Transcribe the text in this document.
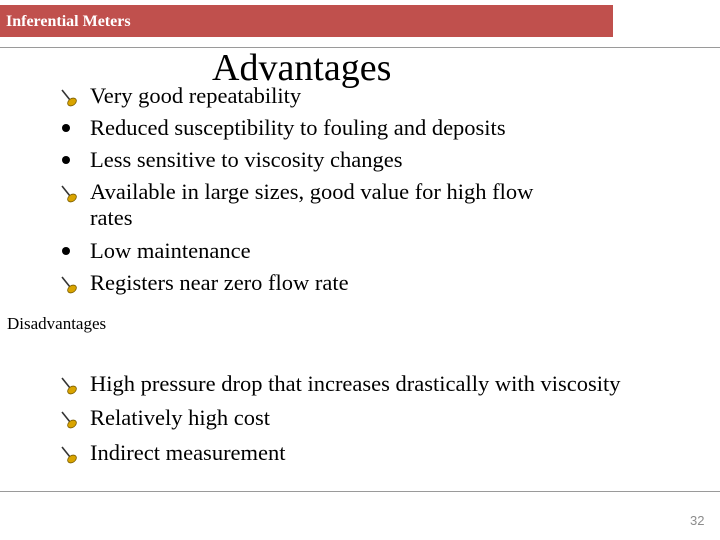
Inferential Meters
Advantages
Very good repeatability
Reduced susceptibility to fouling and deposits
Less sensitive to viscosity changes
Available in large sizes, good value for high flow
rates
Low maintenance
Registers near zero flow rate
Disadvantages
High pressure drop that increases drastically with viscosity
Relatively high cost
Indirect measurement
32
